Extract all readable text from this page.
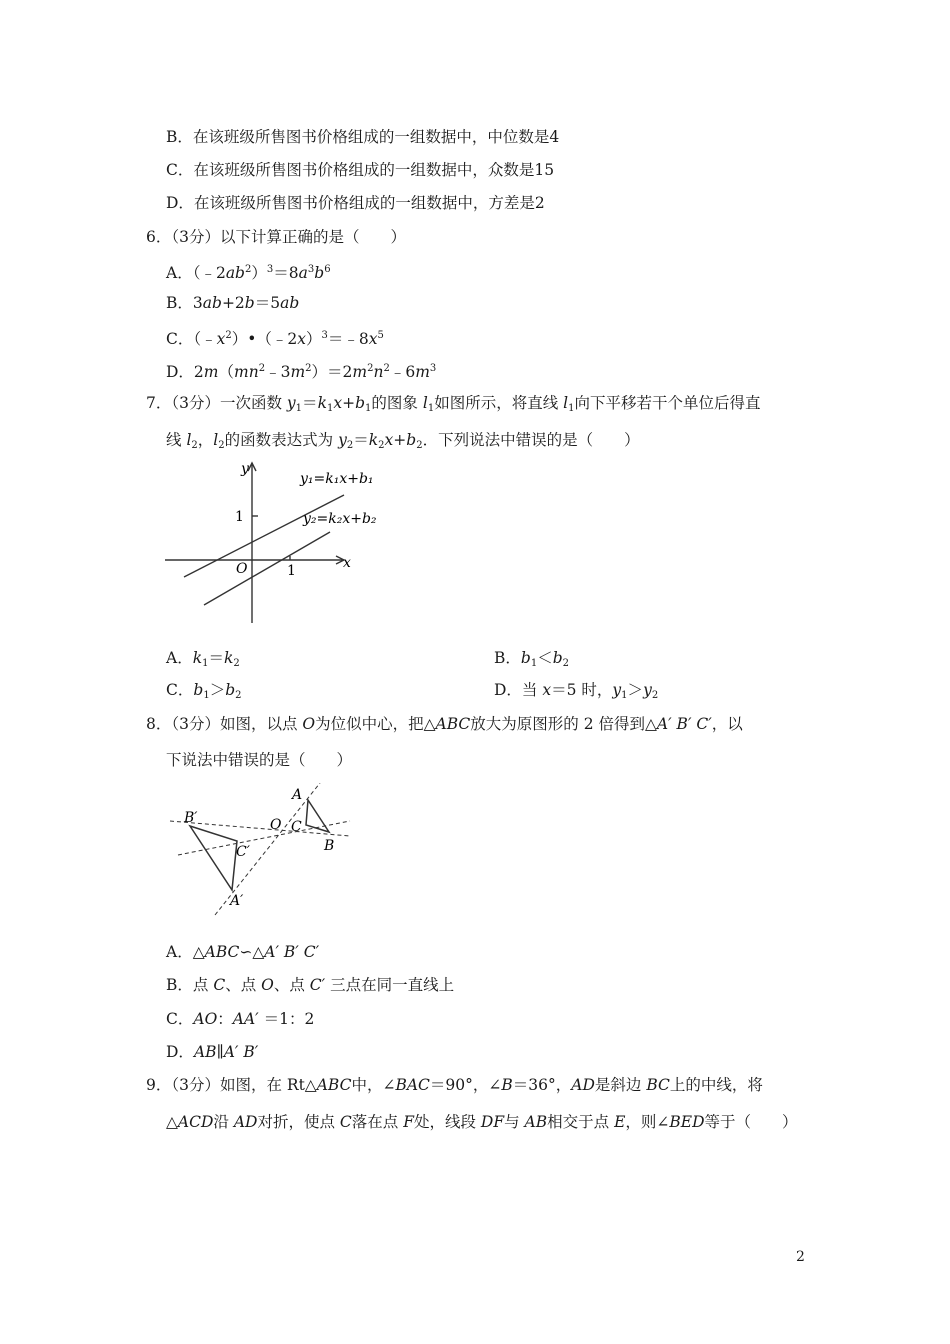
B．在该班级所售图书价格组成的一组数据中，中位数是4
C．在该班级所售图书价格组成的一组数据中，众数是15
D．在该班级所售图书价格组成的一组数据中，方差是2
6．（3分）以下计算正确的是（　　）
A．$(﹣2ab^2)^3=8a^3b^6$
B．3ab+2b＝5ab
C．$(﹣x^2)•(﹣2x)^3=﹣8x^5$
D．$2m(mn^2﹣3m^2)=2m^2n^2﹣6m^3$
7．（3分）一次函数 $y_1=k_1x+b_1$的图象 $l_1$如图所示，将直线 $l_1$向下平移若干个单位后得直
线 $l_2$，$l_2$的函数表达式为 $y_2=k_2x+b_2$．下列说法中错误的是（　　）
y
x
O
1
1
y₁=k₁x+b₁
y₂=k₂x+b₂
A．$k_1=k_2$	B．$b_1<b_2$
C．$b_1>b_2$	D．当 x＝5 时，$y_1>y_2$
8．（3分）如图，以点 O为位似中心，把△ABC放大为原图形的 2 倍得到△A′ B′ C′，以
下说法中错误的是（　　）
B′
C′
A′
O C
A
B
A．△ABC∽△A′ B′ C′
B．点 C、点 O、点 C′ 三点在同一直线上
C．AO：AA′ ＝1：2
D．AB∥A′ B′
9．（3分）如图，在 Rt△ABC中，∠BAC＝90°，∠B＝36°，AD是斜边 BC上的中线，将
△ACD沿 AD对折，使点 C落在点 F处，线段 DF与 AB相交于点 E，则∠BED等于（　　）
2
